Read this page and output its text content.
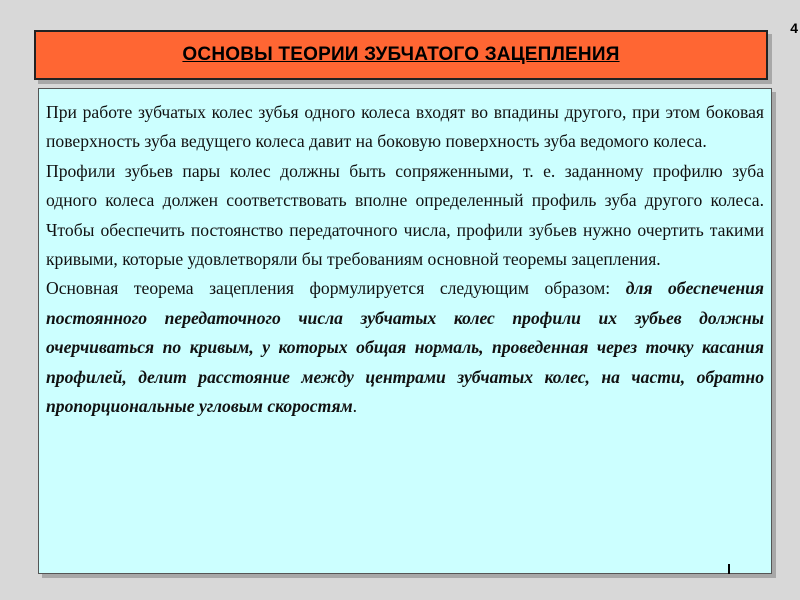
4
ОСНОВЫ ТЕОРИИ ЗУБЧАТОГО ЗАЦЕПЛЕНИЯ

При работе зубчатых колес зубья одного колеса входят во впадины другого, при этом боковая поверхность зуба ведущего колеса давит на боковую поверхность зуба ведомого колеса.

Профили зубьев пары колес должны быть сопряженными, т. е. заданному профилю зуба одного колеса должен соответствовать вполне определенный профиль зуба другого колеса. Чтобы обеспечить постоянство передаточного числа, профили зубьев нужно очертить такими кривыми, которые удовлетворяли бы требованиям основной теоремы зацепления.

Основная теорема зацепления формулируется следующим образом: для обеспечения постоянного передаточного числа зубчатых колес профили их зубьев должны очерчиваться по кривым, у которых общая нормаль, проведенная через точку касания профилей, делит расстояние между центрами зубчатых колес, на части, обратно пропорциональные угловым скоростям.
